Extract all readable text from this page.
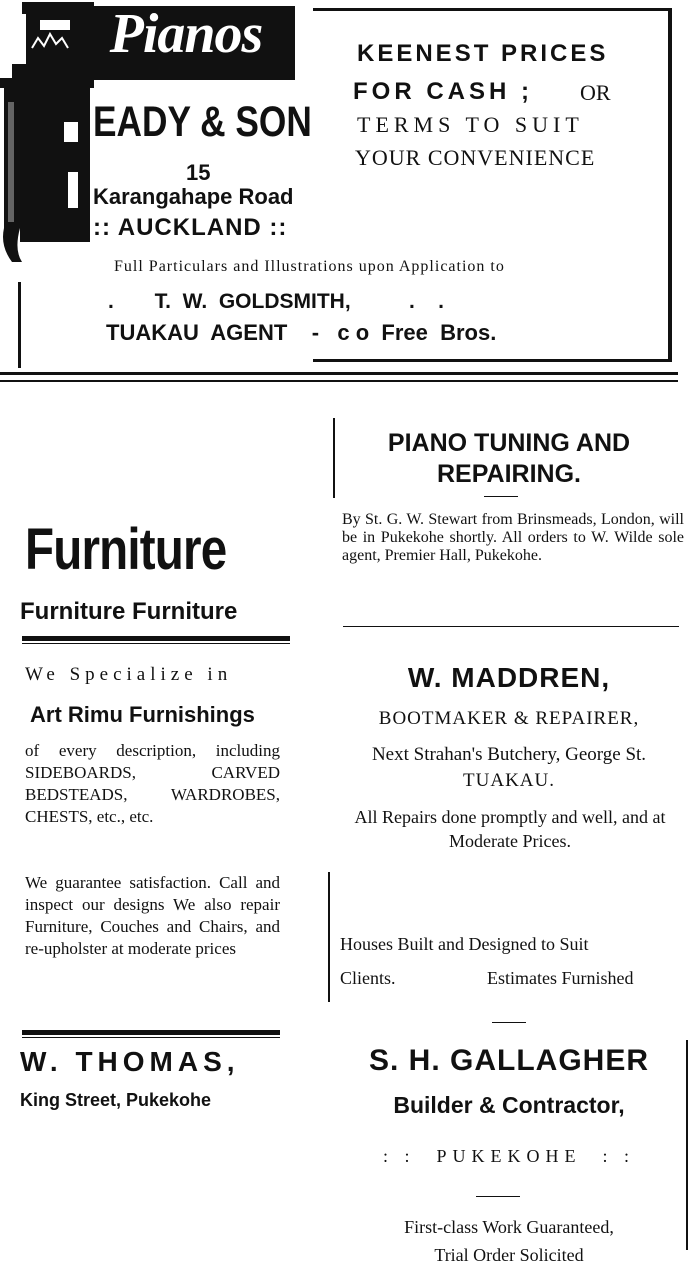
Pianos
EADY & SON
15
Karangahape Road
:: AUCKLAND ::
KEENEST PRICES
FOR CASH ; OR
TERMS TO SUIT
YOUR CONVENIENCE
Full Particulars and Illustrations upon Application to
.       T.  W.  GOLDSMITH,          .    .
TUAKAU  AGENT    -   c o  Free  Bros.
Furniture
Furniture Furniture
We Specialize in
Art Rimu Furnishings
of every description, including SIDEBOARDS, CARVED BEDSTEADS, WARDROBES, CHESTS, etc., etc.
We guarantee satisfaction. Call and inspect our designs We also repair Furniture, Couches and Chairs, and re-upholster at moderate prices
W. THOMAS,
King Street, Pukekohe
PIANO TUNING AND REPAIRING.
By St. G. W. Stewart from Brinsmeads, London, will be in Pukekohe shortly. All orders to W. Wilde sole agent, Premier Hall, Pukekohe.
W. MADDREN,
BOOTMAKER & REPAIRER,
Next Strahan's Butchery, George St.
TUAKAU.
All Repairs done promptly and well, and at Moderate Prices.
Houses Built and Designed to Suit
Clients.	Estimates Furnished
S. H. GALLAGHER
Builder & Contractor,
: :  PUKEKOHE  : :
First-class Work Guaranteed,
Trial Order Solicited
